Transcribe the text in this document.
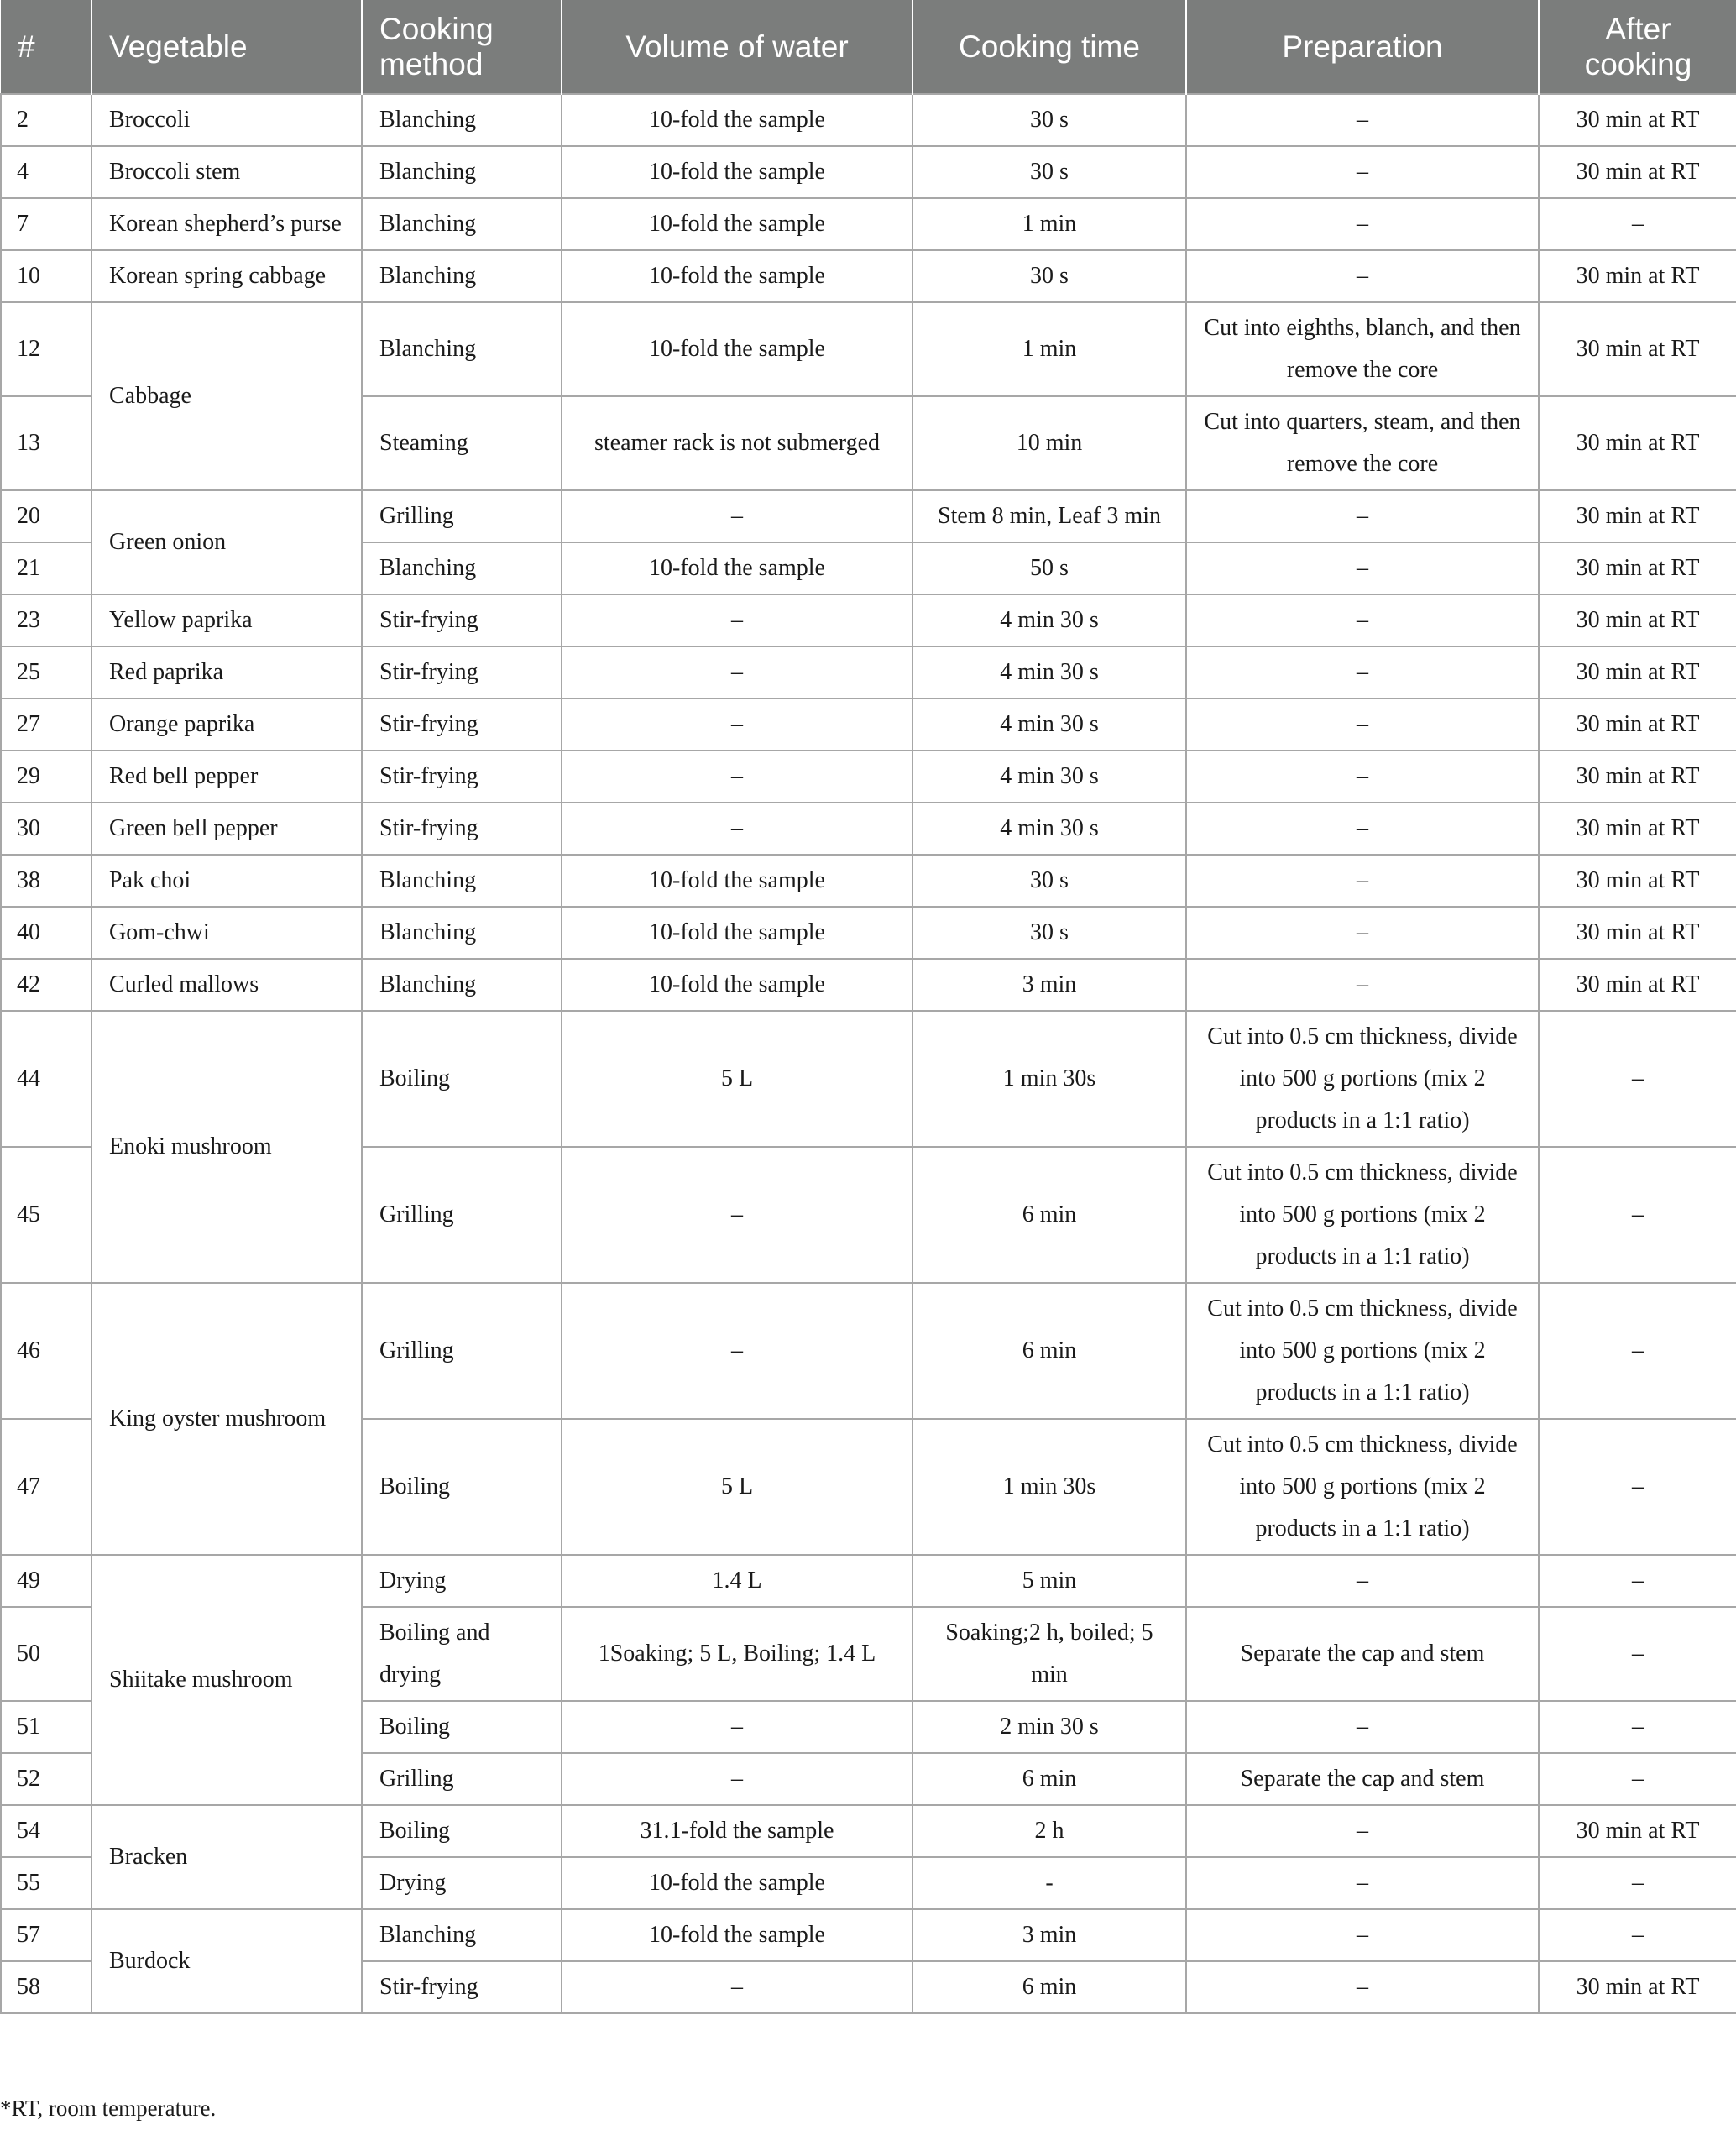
#	Vegetable	Cooking method	Volume of water	Cooking time	Preparation	After cooking
2	Broccoli	Blanching	10-fold the sample	30 s	–	30 min at RT
4	Broccoli stem	Blanching	10-fold the sample	30 s	–	30 min at RT
7	Korean shepherd’s purse	Blanching	10-fold the sample	1 min	–	–
10	Korean spring cabbage	Blanching	10-fold the sample	30 s	–	30 min at RT
12	Cabbage	Blanching	10-fold the sample	1 min	Cut into eighths, blanch, and then remove the core	30 min at RT
13		Steaming	steamer rack is not submerged	10 min	Cut into quarters, steam, and then remove the core	30 min at RT
20	Green onion	Grilling	–	Stem 8 min, Leaf 3 min	–	30 min at RT
21		Blanching	10-fold the sample	50 s	–	30 min at RT
23	Yellow paprika	Stir-frying	–	4 min 30 s	–	30 min at RT
25	Red paprika	Stir-frying	–	4 min 30 s	–	30 min at RT
27	Orange paprika	Stir-frying	–	4 min 30 s	–	30 min at RT
29	Red bell pepper	Stir-frying	–	4 min 30 s	–	30 min at RT
30	Green bell pepper	Stir-frying	–	4 min 30 s	–	30 min at RT
38	Pak choi	Blanching	10-fold the sample	30 s	–	30 min at RT
40	Gom-chwi	Blanching	10-fold the sample	30 s	–	30 min at RT
42	Curled mallows	Blanching	10-fold the sample	3 min	–	30 min at RT
44	Enoki mushroom	Boiling	5 L	1 min 30s	Cut into 0.5 cm thickness, divide into 500 g portions (mix 2 products in a 1:1 ratio)	–
45		Grilling	–	6 min	Cut into 0.5 cm thickness, divide into 500 g portions (mix 2 products in a 1:1 ratio)	–
46	King oyster mushroom	Grilling	–	6 min	Cut into 0.5 cm thickness, divide into 500 g portions (mix 2 products in a 1:1 ratio)	–
47		Boiling	5 L	1 min 30s	Cut into 0.5 cm thickness, divide into 500 g portions (mix 2 products in a 1:1 ratio)	–
49	Shiitake mushroom	Drying	1.4 L	5 min	–	–
50		Boiling and drying	1Soaking; 5 L, Boiling; 1.4 L	Soaking;2 h, boiled; 5 min	Separate the cap and stem	–
51		Boiling	–	2 min 30 s	–	–
52		Grilling	–	6 min	Separate the cap and stem	–
54	Bracken	Boiling	31.1-fold the sample	2 h	–	30 min at RT
55		Drying	10-fold the sample	-	–	–
57	Burdock	Blanching	10-fold the sample	3 min	–	–
58		Stir-frying	–	6 min	–	30 min at RT
*RT, room temperature.
